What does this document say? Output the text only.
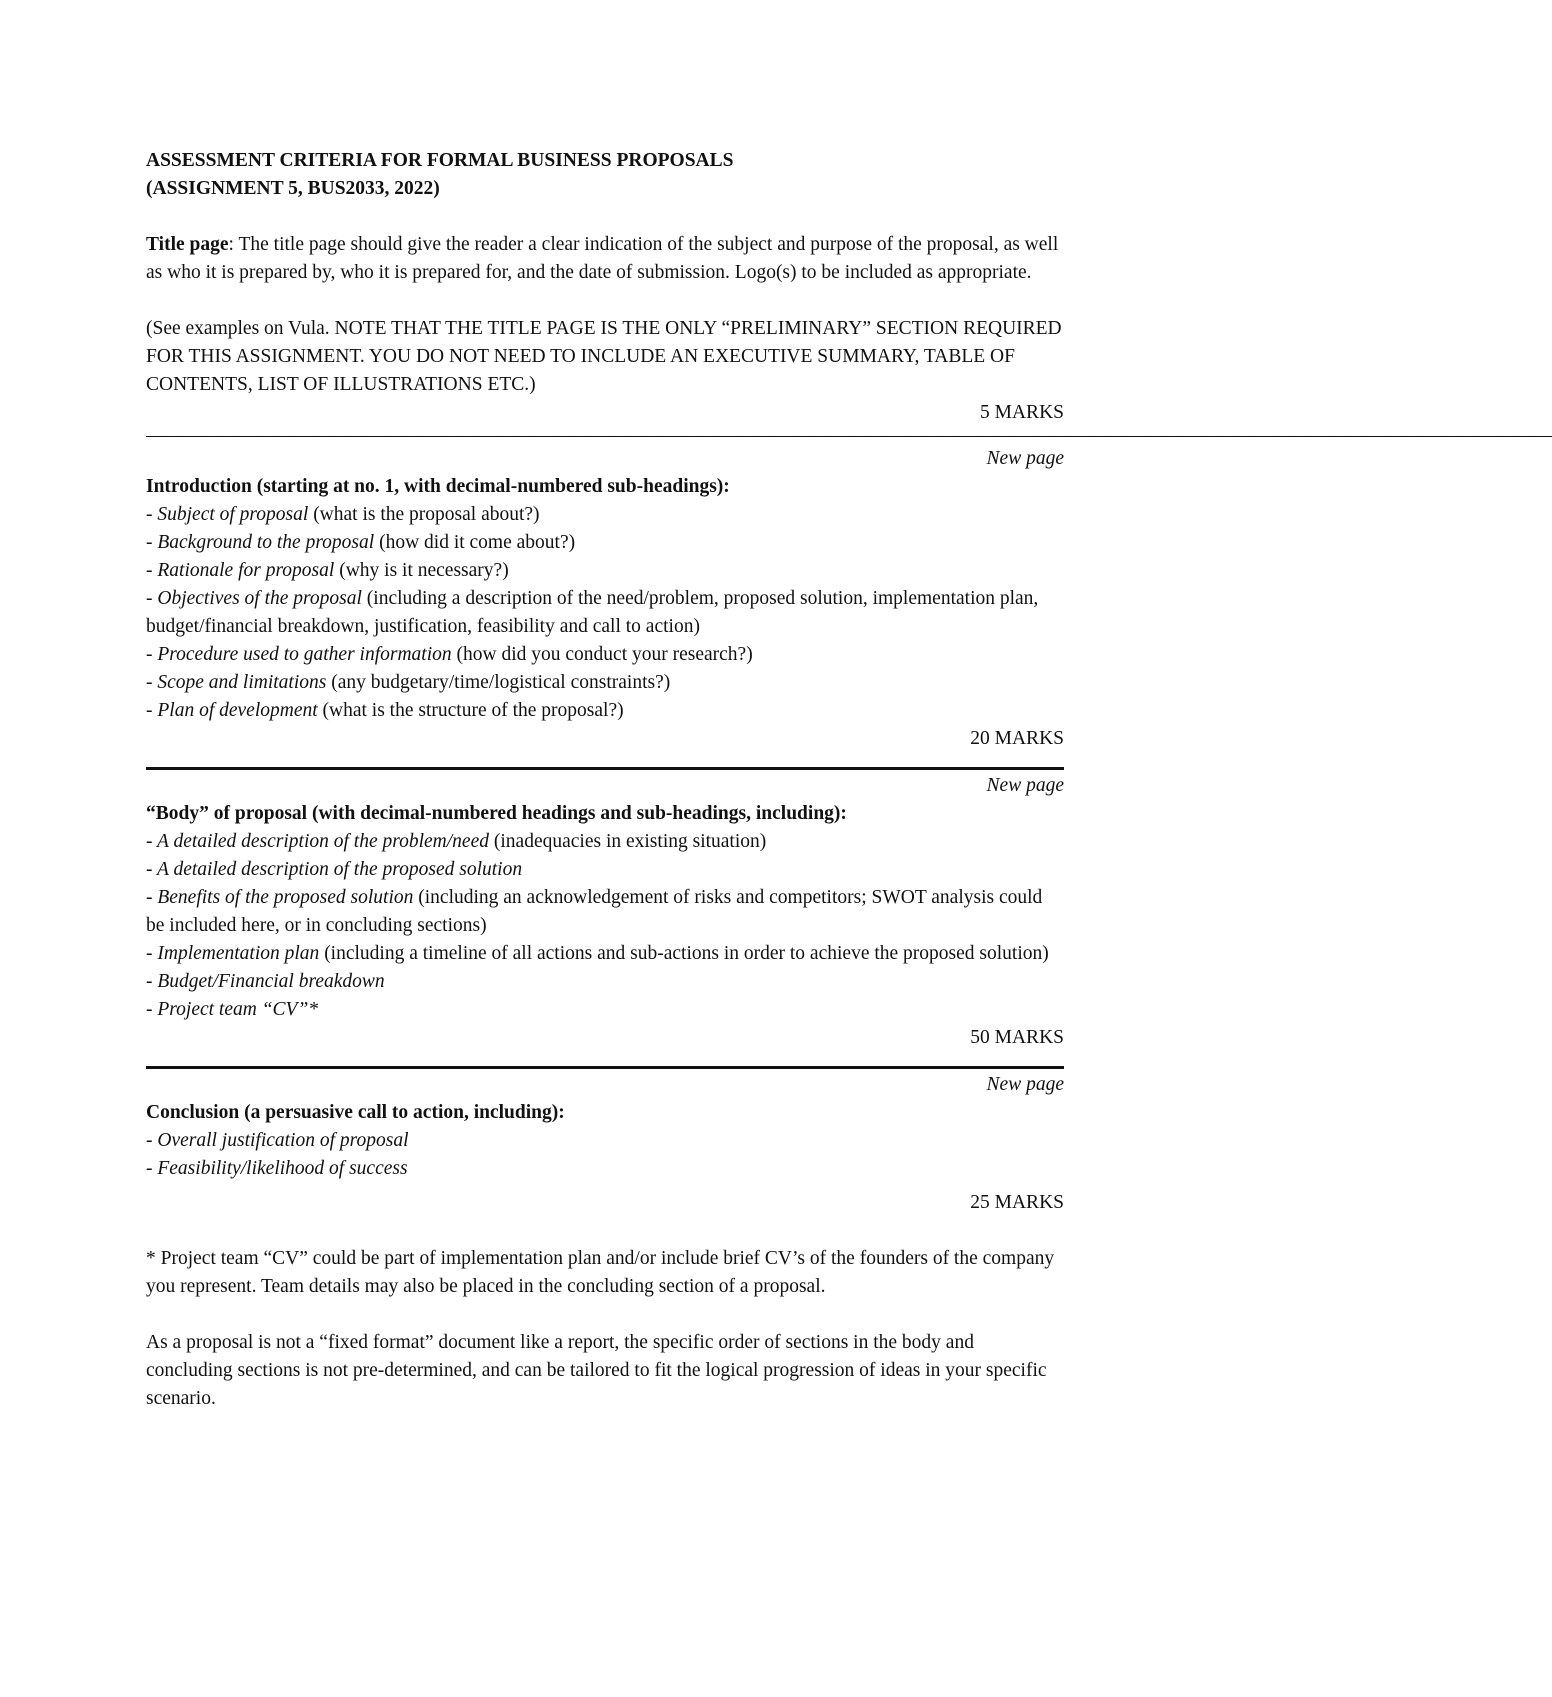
ASSESSMENT CRITERIA FOR FORMAL BUSINESS PROPOSALS
(ASSIGNMENT 5, BUS2033, 2022)

Title page: The title page should give the reader a clear indication of the subject and purpose of the proposal, as well as who it is prepared by, who it is prepared for, and the date of submission. Logo(s) to be included as appropriate.

(See examples on Vula. NOTE THAT THE TITLE PAGE IS THE ONLY “PRELIMINARY” SECTION REQUIRED FOR THIS ASSIGNMENT. YOU DO NOT NEED TO INCLUDE AN EXECUTIVE SUMMARY, TABLE OF CONTENTS, LIST OF ILLUSTRATIONS ETC.)

5 MARKS
————————————————————————————————————————————————————————————————————————————
New page
Introduction (starting at no. 1, with decimal-numbered sub-headings):
- Subject of proposal (what is the proposal about?)
- Background to the proposal (how did it come about?)
- Rationale for proposal (why is it necessary?)
- Objectives of the proposal (including a description of the need/problem, proposed solution, implementation plan, budget/financial breakdown, justification, feasibility and call to action)
- Procedure used to gather information (how did you conduct your research?)
- Scope and limitations (any budgetary/time/logistical constraints?)
- Plan of development (what is the structure of the proposal?)
20 MARKS
New page
“Body” of proposal (with decimal-numbered headings and sub-headings, including):
- A detailed description of the problem/need (inadequacies in existing situation)
- A detailed description of the proposed solution
- Benefits of the proposed solution (including an acknowledgement of risks and competitors; SWOT analysis could be included here, or in concluding sections)
- Implementation plan (including a timeline of all actions and sub-actions in order to achieve the proposed solution)
- Budget/Financial breakdown
- Project team “CV”*
50 MARKS
New page
Conclusion (a persuasive call to action, including):
- Overall justification of proposal
- Feasibility/likelihood of success
25 MARKS

* Project team “CV” could be part of implementation plan and/or include brief CV’s of the founders of the company you represent. Team details may also be placed in the concluding section of a proposal.

As a proposal is not a “fixed format” document like a report, the specific order of sections in the body and concluding sections is not pre-determined, and can be tailored to fit the logical progression of ideas in your specific scenario.
